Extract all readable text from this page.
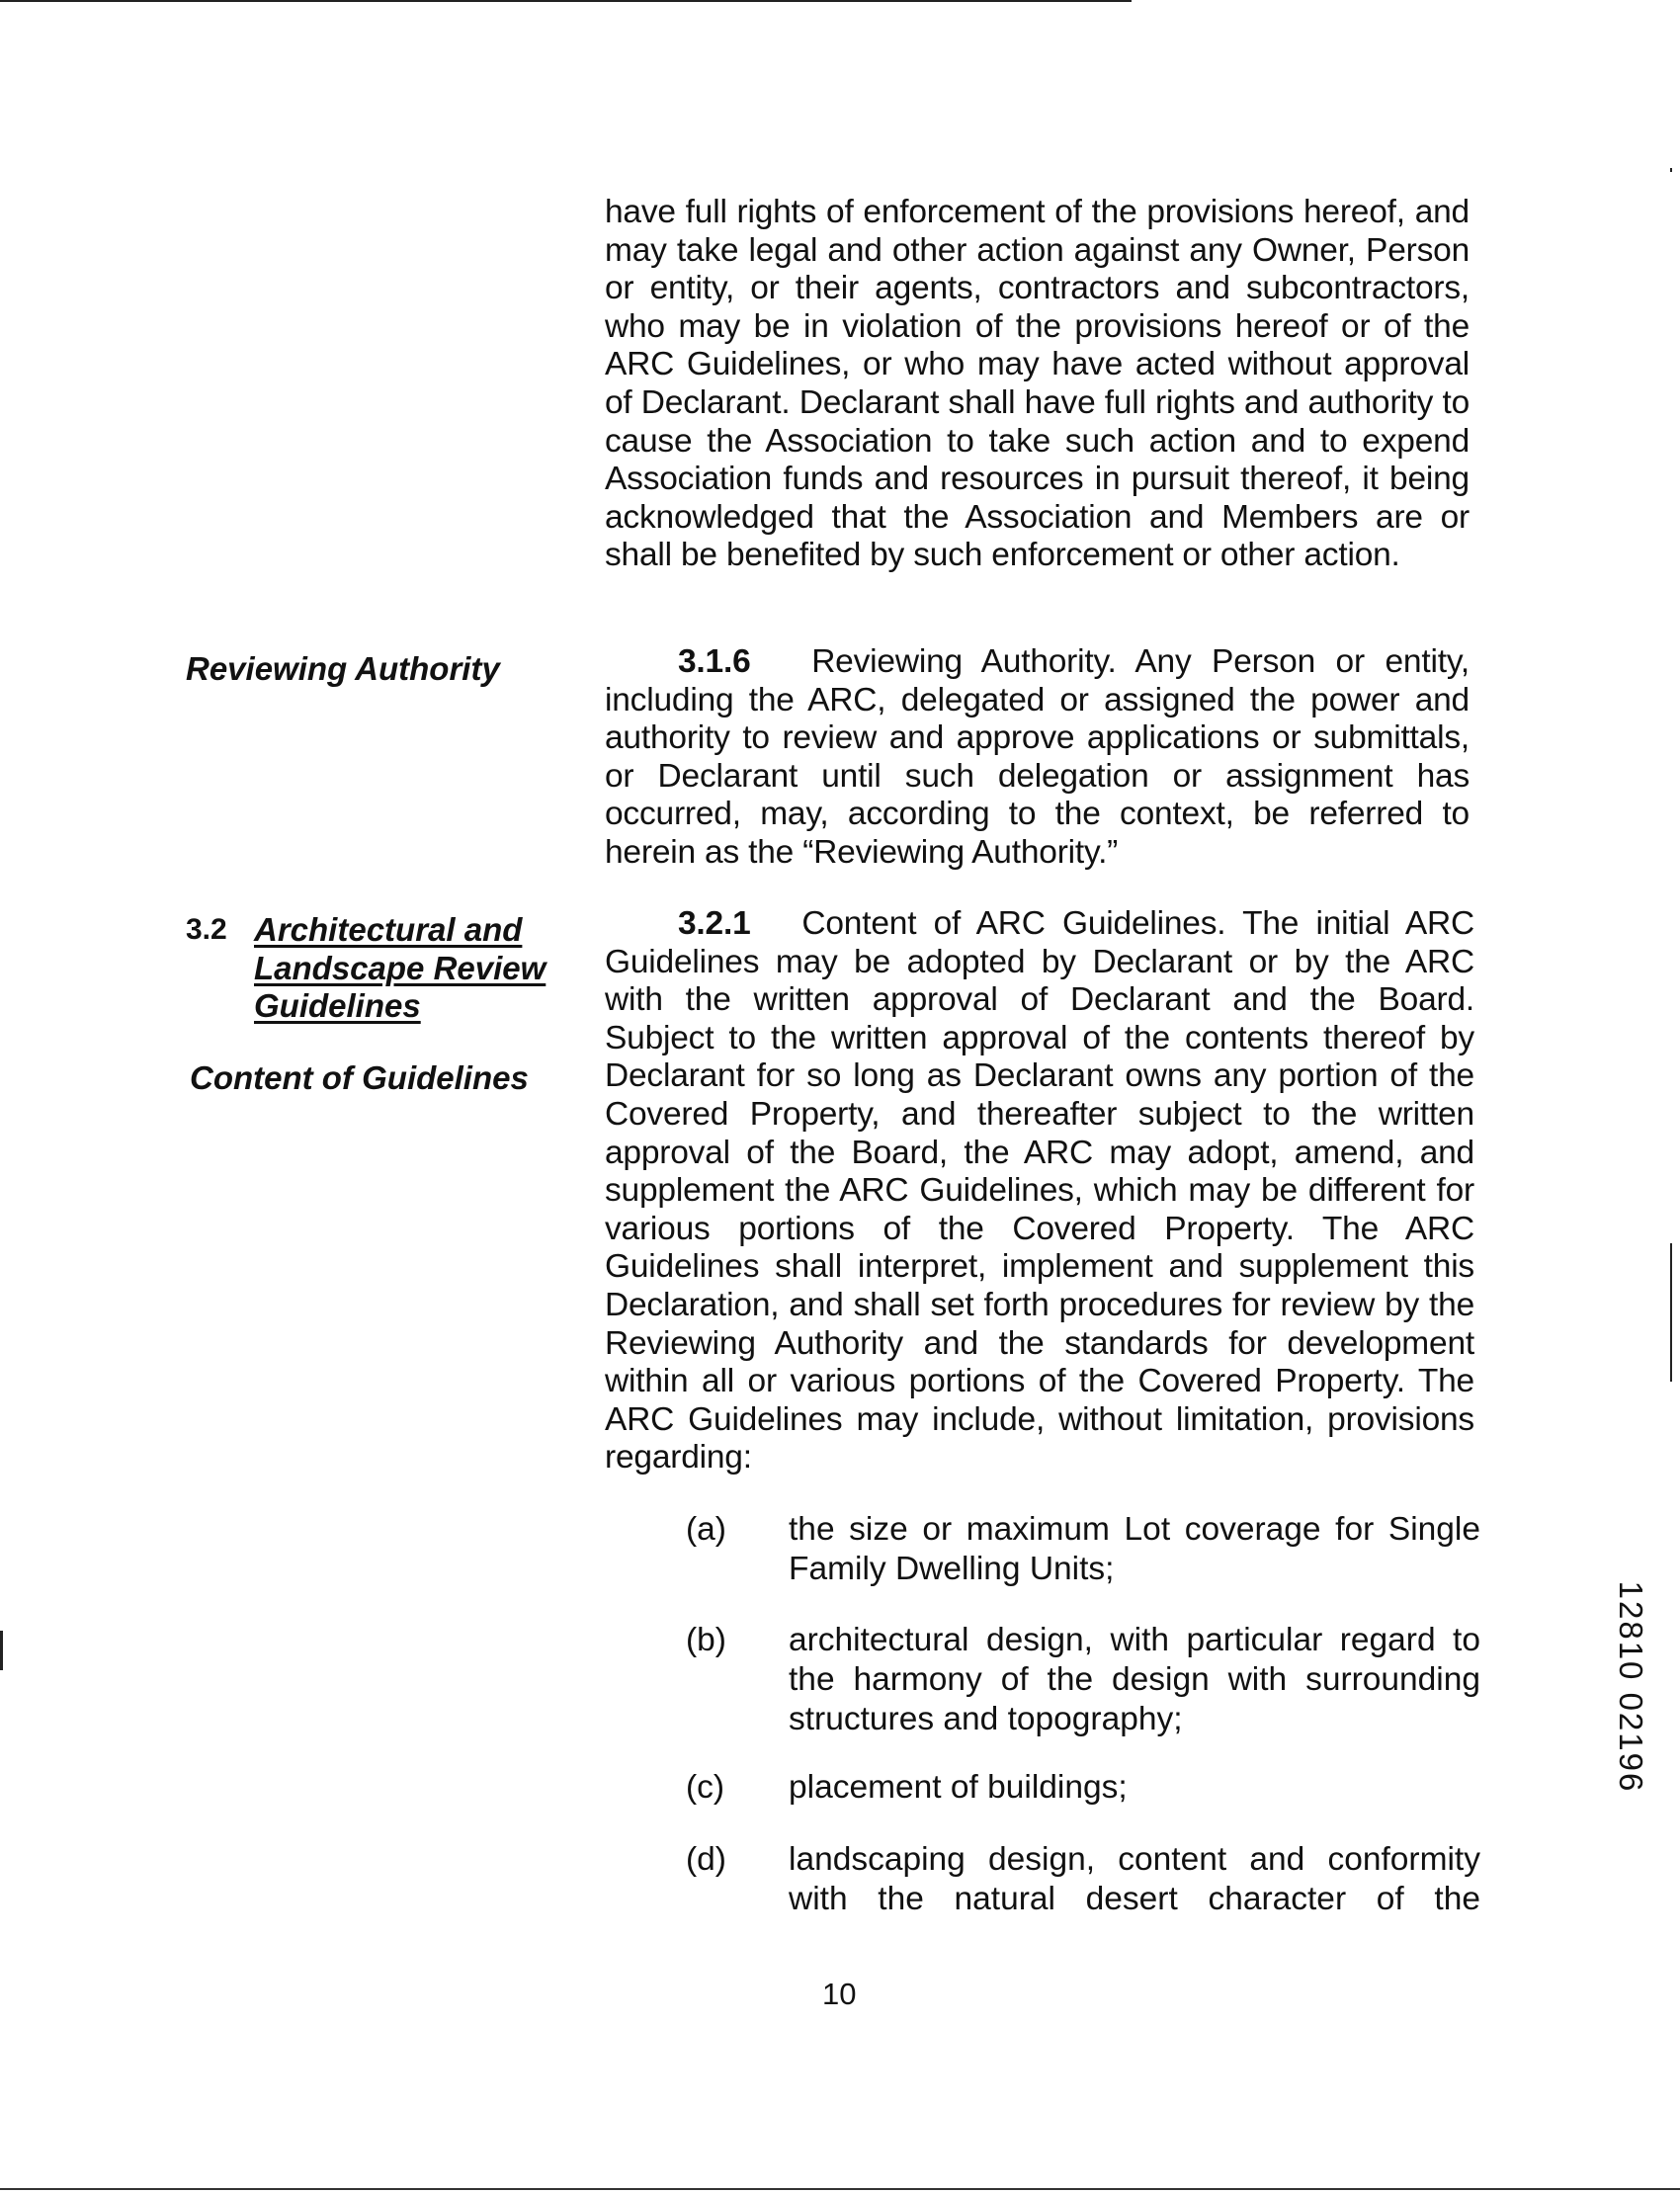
have full rights of enforcement of the provisions hereof, and may take legal and other action against any Owner, Person or entity, or their agents, contractors and subcontractors, who may be in violation of the provisions hereof or of the ARC Guidelines, or who may have acted without approval of Declarant. Declarant shall have full rights and authority to cause the Association to take such action and to expend Association funds and resources in pursuit thereof, it being acknowledged that the Association and Members are or shall be benefited by such enforcement or other action.
Reviewing Authority	3.1.6 Reviewing Authority. Any Person or entity, including the ARC, delegated or assigned the power and authority to review and approve applications or submittals, or Declarant until such delegation or assignment has occurred, may, according to the context, be referred to herein as the “Reviewing Authority.”
3.2 Architectural and
Landscape Review
Guidelines
Content of Guidelines
3.2.1 Content of ARC Guidelines. The initial ARC Guidelines may be adopted by Declarant or by the ARC with the written approval of Declarant and the Board. Subject to the written approval of the contents thereof by Declarant for so long as Declarant owns any portion of the Covered Property, and thereafter subject to the written approval of the Board, the ARC may adopt, amend, and supplement the ARC Guidelines, which may be different for various portions of the Covered Property. The ARC Guidelines shall interpret, implement and supplement this Declaration, and shall set forth procedures for review by the Reviewing Authority and the standards for development within all or various portions of the Covered Property. The ARC Guidelines may include, without limitation, provisions regarding:
(a) the size or maximum Lot coverage for Single Family Dwelling Units;
(b) architectural design, with particular regard to the harmony of the design with surrounding structures and topography;
(c) placement of buildings;
(d) landscaping design, content and conformity with the natural desert character of the
10
12810 02196
